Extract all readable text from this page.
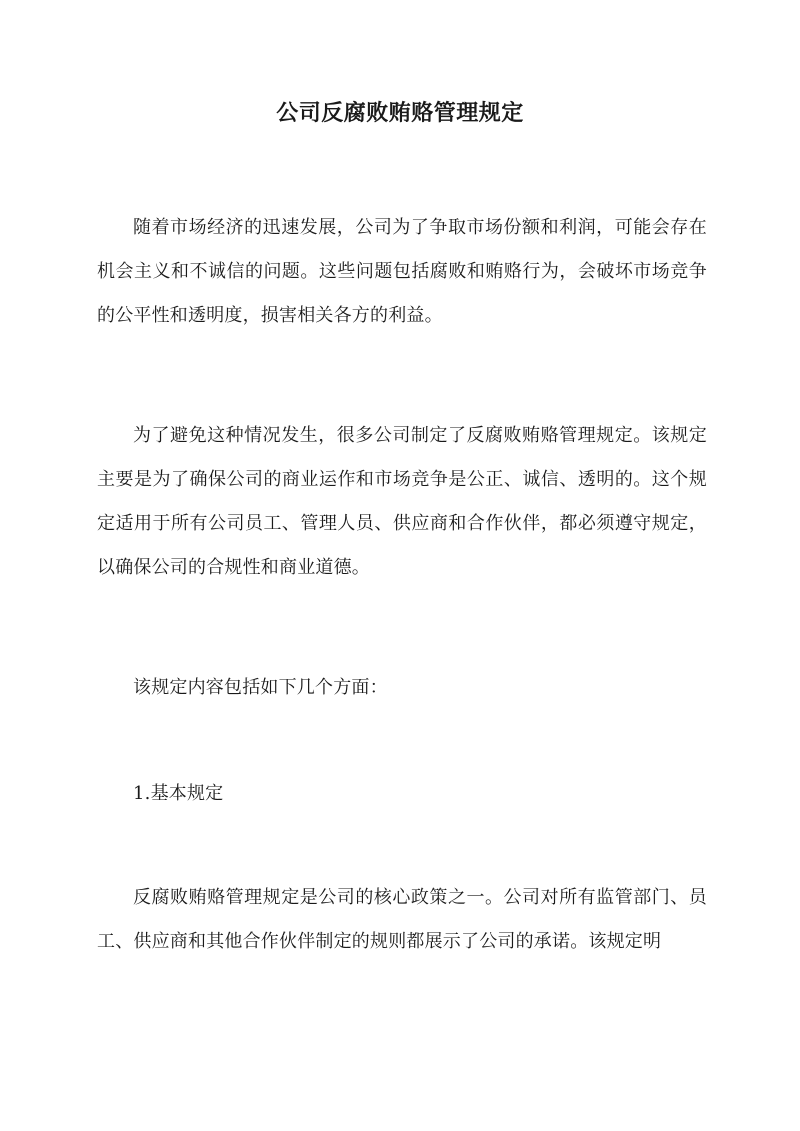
公司反腐败贿赂管理规定

随着市场经济的迅速发展，公司为了争取市场份额和利润，可能会存在机会主义和不诚信的问题。这些问题包括腐败和贿赂行为，会破坏市场竞争的公平性和透明度，损害相关各方的利益。

为了避免这种情况发生，很多公司制定了反腐败贿赂管理规定。该规定主要是为了确保公司的商业运作和市场竞争是公正、诚信、透明的。这个规定适用于所有公司员工、管理人员、供应商和合作伙伴，都必须遵守规定，以确保公司的合规性和商业道德。

该规定内容包括如下几个方面：

1.基本规定

反腐败贿赂管理规定是公司的核心政策之一。公司对所有监管部门、员工、供应商和其他合作伙伴制定的规则都展示了公司的承诺。该规定明
